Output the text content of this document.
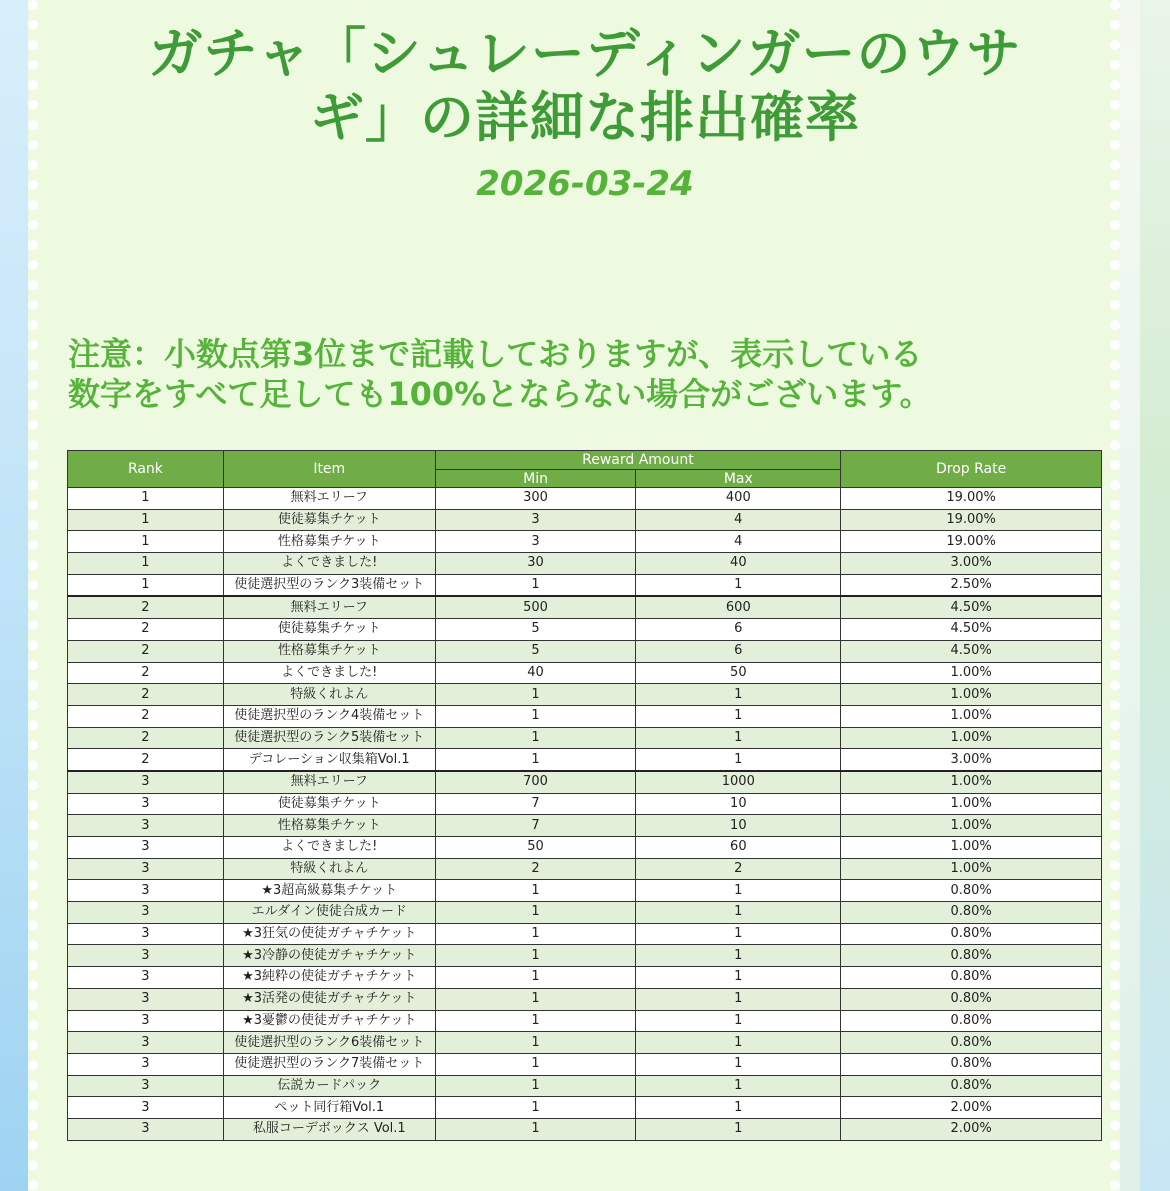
ガチャ「シュレーディンガーのウサ
ギ」の詳細な排出確率
2026-03-24
注意：小数点第3位まで記載しておりますが、表示している
数字をすべて足しても100%とならない場合がございます。
Rank	Item	Reward Amount		Drop Rate
		Min	Max	
1	無料エリーフ	300	400	19.00%
1	使徒募集チケット	3	4	19.00%
1	性格募集チケット	3	4	19.00%
1	よくできました!	30	40	3.00%
1	使徒選択型のランク3装備セット	1	1	2.50%
2	無料エリーフ	500	600	4.50%
2	使徒募集チケット	5	6	4.50%
2	性格募集チケット	5	6	4.50%
2	よくできました!	40	50	1.00%
2	特級くれよん	1	1	1.00%
2	使徒選択型のランク4装備セット	1	1	1.00%
2	使徒選択型のランク5装備セット	1	1	1.00%
2	デコレーション収集箱Vol.1	1	1	3.00%
3	無料エリーフ	700	1000	1.00%
3	使徒募集チケット	7	10	1.00%
3	性格募集チケット	7	10	1.00%
3	よくできました!	50	60	1.00%
3	特級くれよん	2	2	1.00%
3	★3超高級募集チケット	1	1	0.80%
3	エルダイン使徒合成カード	1	1	0.80%
3	★3狂気の使徒ガチャチケット	1	1	0.80%
3	★3冷静の使徒ガチャチケット	1	1	0.80%
3	★3純粋の使徒ガチャチケット	1	1	0.80%
3	★3活発の使徒ガチャチケット	1	1	0.80%
3	★3憂鬱の使徒ガチャチケット	1	1	0.80%
3	使徒選択型のランク6装備セット	1	1	0.80%
3	使徒選択型のランク7装備セット	1	1	0.80%
3	伝説カードパック	1	1	0.80%
3	ペット同行箱Vol.1	1	1	2.00%
3	私服コーデボックス Vol.1	1	1	2.00%
